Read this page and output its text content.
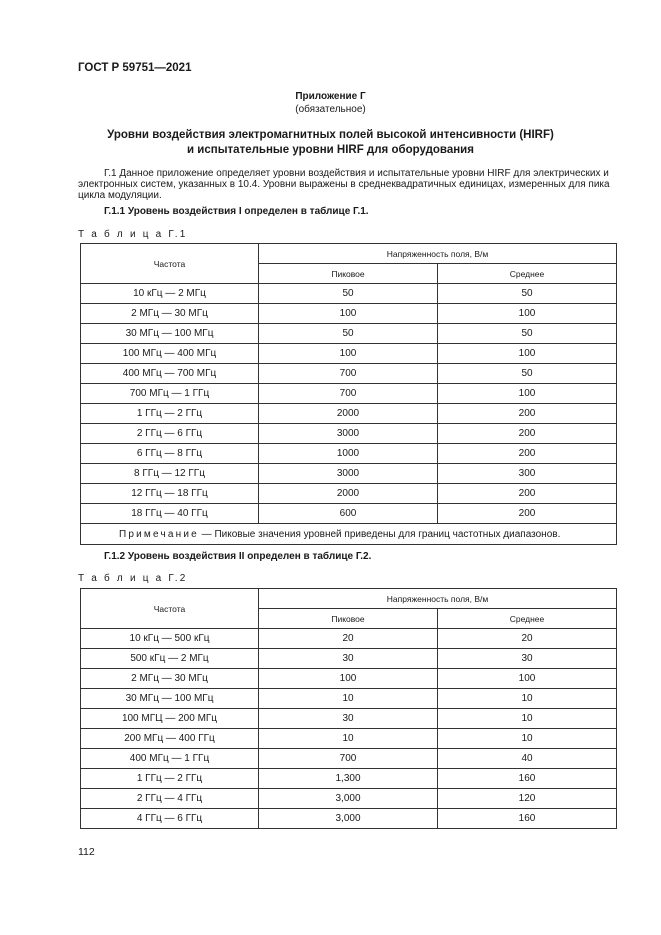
ГОСТ Р 59751—2021
Приложение Г
(обязательное)
Уровни воздействия электромагнитных полей высокой интенсивности (HIRF)
и испытательные уровни HIRF для оборудования

Г.1 Данное приложение определяет уровни воздействия и испытательные уровни HIRF для электрических и

электронных систем, указанных в 10.4. Уровни выражены в среднеквадратичных единицах, измеренных для пика

цикла модуляции.

Г.1.1 Уровень воздействия I определен в таблице Г.1.
Т а б л и ц а Г.1
Частота	Напряженность поля, В/м	
	Пиковое	Среднее
10 кГц — 2 МГц	50	50
2 МГц — 30 МГц	100	100
30 МГц — 100 МГц	50	50
100 МГц — 400 МГц	100	100
400 МГц — 700 МГц	700	50
700 МГц — 1 ГГц	700	100
1 ГГц — 2 ГГц	2000	200
2 ГГц — 6 ГГц	3000	200
6 ГГц — 8 ГГц	1000	200
8 ГГц — 12 ГГц	3000	300
12 ГГц — 18 ГГц	2000	200
18 ГГц — 40 ГГц	600	200
Примечание — Пиковые значения уровней приведены для границ частотных диапазонов.		
Г.1.2 Уровень воздействия II определен в таблице Г.2.
Т а б л и ц а Г.2
Частота	Напряженность поля, В/м	
	Пиковое	Среднее
10 кГц — 500 кГц	20	20
500 кГц — 2 МГц	30	30
2 МГц — 30 МГц	100	100
30 МГц — 100 МГц	10	10
100 МГЦ — 200 МГц	30	10
200 МГц — 400 ГГц	10	10
400 МГц — 1 ГГц	700	40
1 ГГц — 2 ГГц	1,300	160
2 ГГц — 4 ГГц	3,000	120
4 ГГц — 6 ГГц	3,000	160
112
